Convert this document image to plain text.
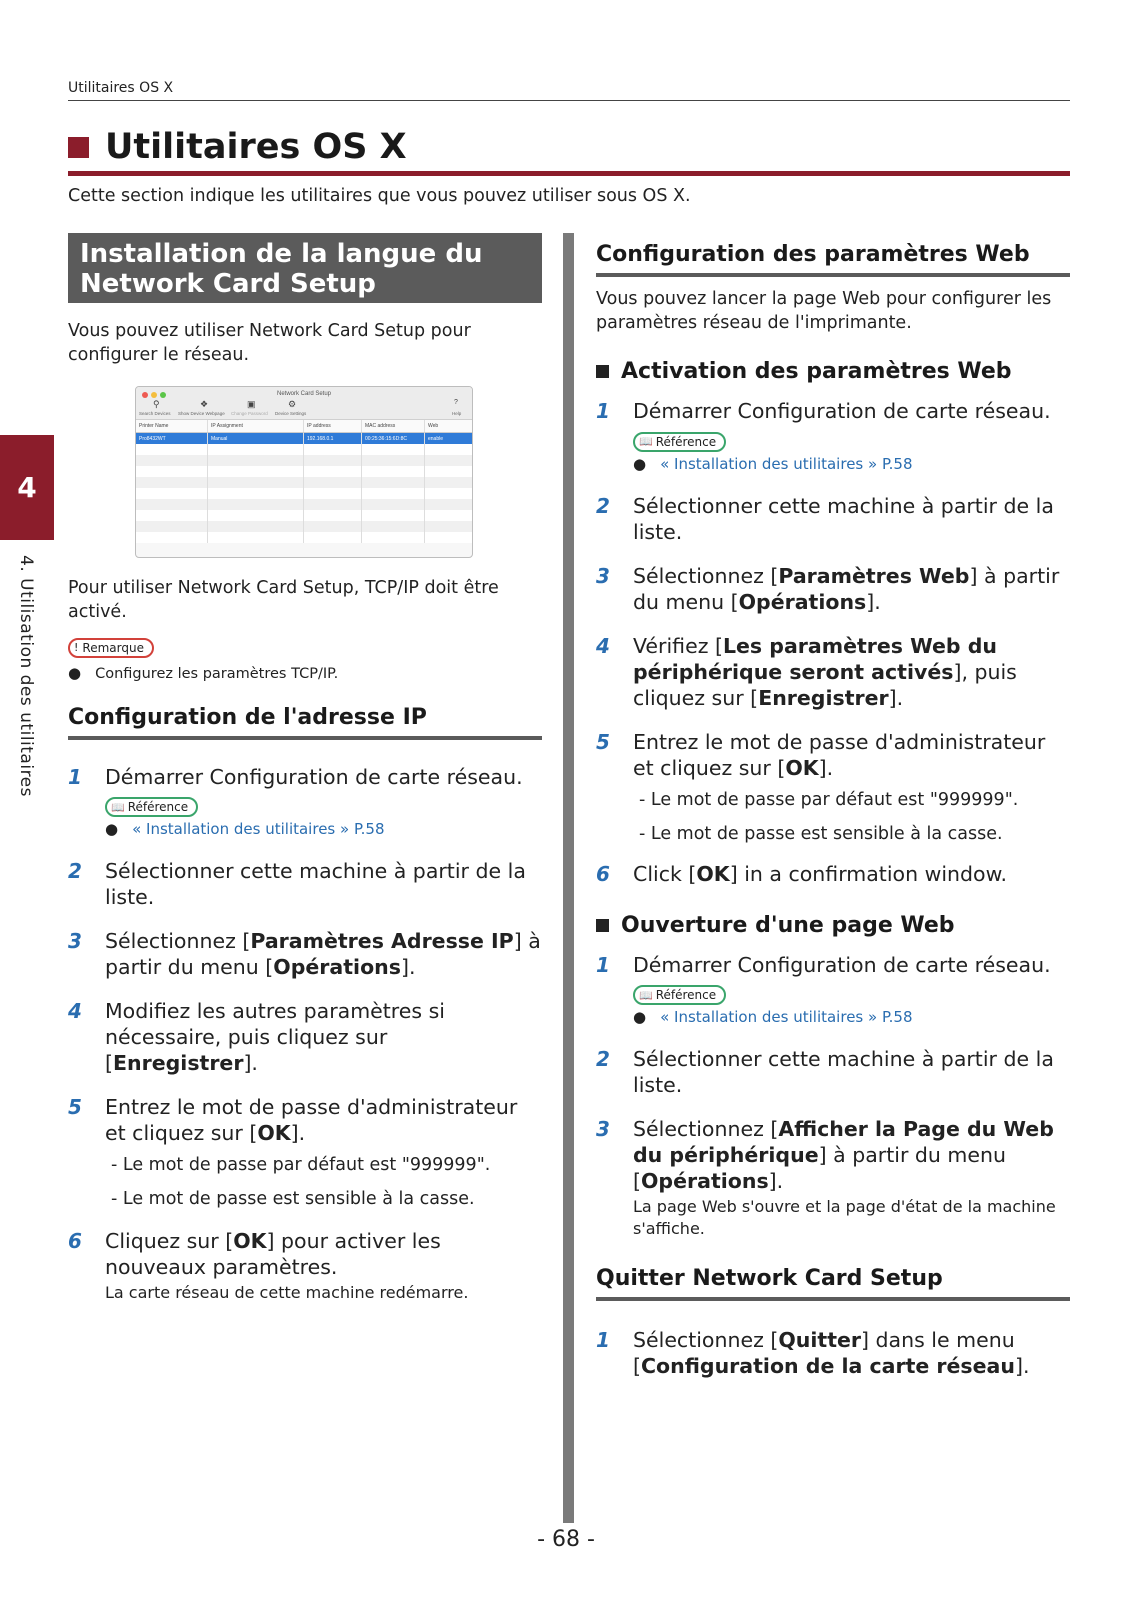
Utilitaires OS X
Utilitaires OS X
Cette section indique les utilitaires que vous pouvez utiliser sous OS X.
4
4. Utilisation des utilitaires
Installation de la langue du Network Card Setup
Vous pouvez utiliser Network Card Setup pour configurer le réseau.
Network Card Setup
⚲	❖	▣	⚙	?
Search Devices Show Device Webpage Change Password Device Settings	Help
Printer Name	IP Assignment	IP address	MAC address	Web
Pro8432WT	Manual	192.168.0.1	00:25:36:15:6D:8C	enable
Pour utiliser Network Card Setup, TCP/IP doit être activé.
! Remarque
● Configurez les paramètres TCP/IP.
Configuration de l'adresse IP
1	Démarrer Configuration de carte réseau.
📖 Référence
● « Installation des utilitaires » P.58
2	Sélectionner cette machine à partir de la liste.
3	Sélectionnez [Paramètres Adresse IP] à partir du menu [Opérations].
4	Modifiez les autres paramètres si nécessaire, puis cliquez sur [Enregistrer].
5	Entrez le mot de passe d'administrateur et cliquez sur [OK].
- Le mot de passe par défaut est "999999".
- Le mot de passe est sensible à la casse.
6	Cliquez sur [OK] pour activer les nouveaux paramètres.
La carte réseau de cette machine redémarre.
Configuration des paramètres Web
Vous pouvez lancer la page Web pour configurer les paramètres réseau de l'imprimante.
Activation des paramètres Web
1	Démarrer Configuration de carte réseau.
📖 Référence
● « Installation des utilitaires » P.58
2	Sélectionner cette machine à partir de la liste.
3	Sélectionnez [Paramètres Web] à partir du menu [Opérations].
4	Vérifiez [Les paramètres Web du périphérique seront activés], puis cliquez sur [Enregistrer].
5	Entrez le mot de passe d'administrateur et cliquez sur [OK].
- Le mot de passe par défaut est "999999".
- Le mot de passe est sensible à la casse.
6	Click [OK] in a confirmation window.
Ouverture d'une page Web
1	Démarrer Configuration de carte réseau.
📖 Référence
● « Installation des utilitaires » P.58
2	Sélectionner cette machine à partir de la liste.
3	Sélectionnez [Afficher la Page du Web du périphérique] à partir du menu [Opérations].
La page Web s'ouvre et la page d'état de la machine s'affiche.
Quitter Network Card Setup
1	Sélectionnez [Quitter] dans le menu [Configuration de la carte réseau].
- 68 -
